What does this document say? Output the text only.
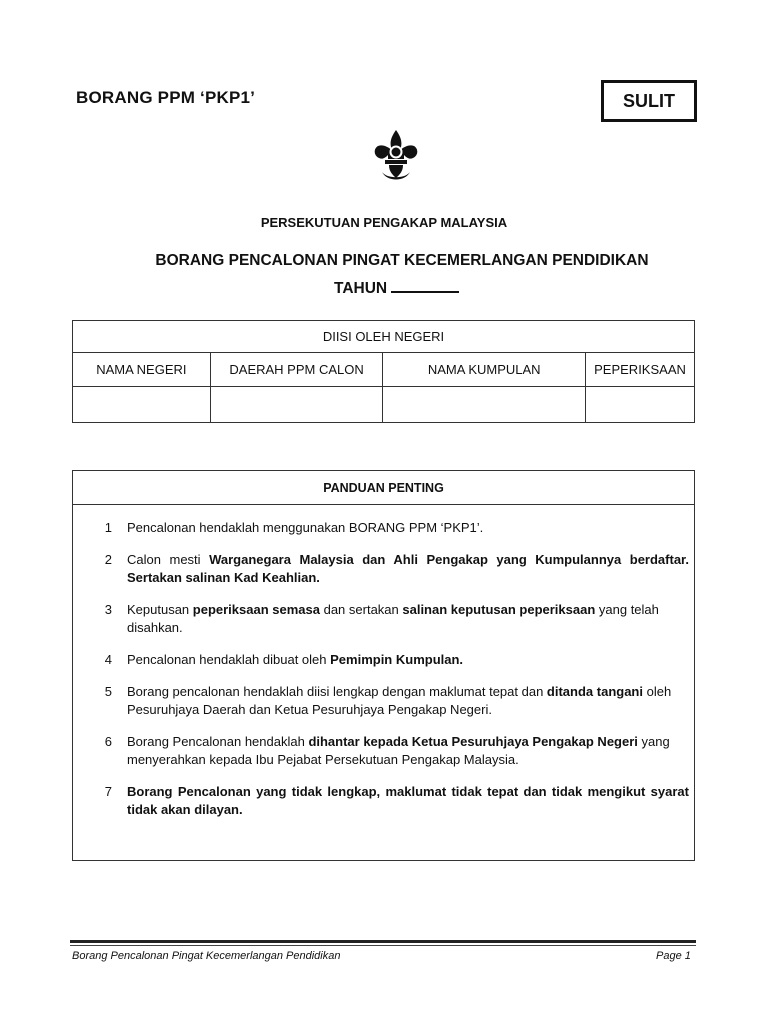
BORANG PPM ‘PKP1’	SULIT
PERSEKUTUAN PENGAKAP MALAYSIA
BORANG PENCALONAN PINGAT KECEMERLANGAN PENDIDIKAN
TAHUN
DIISI OLEH NEGERI			
NAMA NEGERI	DAERAH PPM CALON	NAMA KUMPULAN	PEPERIKSAAN

PANDUAN PENTING
1	Pencalonan hendaklah menggunakan BORANG PPM ‘PKP1’.
2	Calon mesti Warganegara Malaysia dan Ahli Pengakap yang Kumpulannya berdaftar. Sertakan salinan Kad Keahlian.
3	Keputusan peperiksaan semasa dan sertakan salinan keputusan peperiksaan yang telah disahkan.
4	Pencalonan hendaklah dibuat oleh Pemimpin Kumpulan.
5	Borang pencalonan hendaklah diisi lengkap dengan maklumat tepat dan ditanda tangani oleh Pesuruhjaya Daerah dan Ketua Pesuruhjaya Pengakap Negeri.
6	Borang Pencalonan hendaklah dihantar kepada Ketua Pesuruhjaya Pengakap Negeri yang menyerahkan kepada Ibu Pejabat Persekutuan Pengakap Malaysia.
7	Borang Pencalonan yang tidak lengkap, maklumat tidak tepat dan tidak mengikut syarat tidak akan dilayan.
Borang Pencalonan Pingat Kecemerlangan Pendidikan	Page 1
